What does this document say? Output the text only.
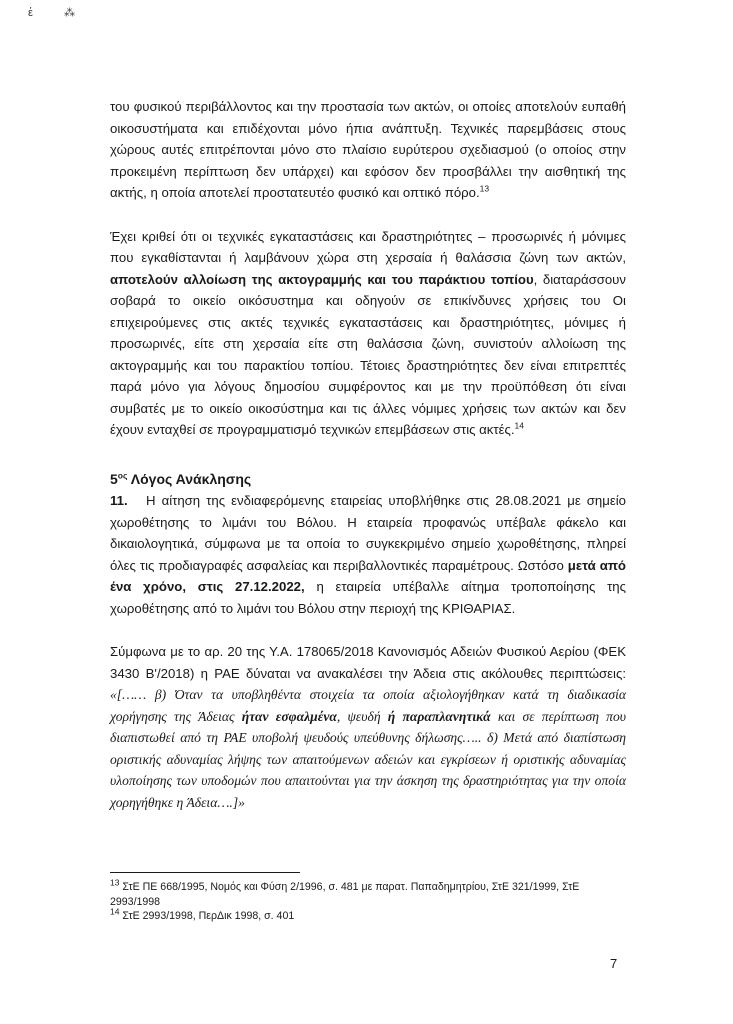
ἑ ⁂

του φυσικού περιβάλλοντος και την προστασία των ακτών, οι οποίες αποτελούν ευπαθή οικοσυστήματα και επιδέχονται μόνο ήπια ανάπτυξη. Τεχνικές παρεμβάσεις στους χώρους αυτές επιτρέπονται μόνο στο πλαίσιο ευρύτερου σχεδιασμού (ο οποίος στην προκειμένη περίπτωση δεν υπάρχει) και εφόσον δεν προσβάλλει την αισθητική της ακτής, η οποία αποτελεί προστατευτέο φυσικό και οπτικό πόρο.$^{13}$

Έχει κριθεί ότι οι τεχνικές εγκαταστάσεις και δραστηριότητες – προσωρινές ή μόνιμες που εγκαθίστανται ή λαμβάνουν χώρα στη χερσαία ή θαλάσσια ζώνη των ακτών, αποτελούν αλλοίωση της ακτογραμμής και του παράκτιου τοπίου, διαταράσσουν σοβαρά το οικείο οικόσυστημα και οδηγούν σε επικίνδυνες χρήσεις του Οι επιχειρούμενες στις ακτές τεχνικές εγκαταστάσεις και δραστηριότητες, μόνιμες ή προσωρινές, είτε στη χερσαία είτε στη θαλάσσια ζώνη, συνιστούν αλλοίωση της ακτογραμμής και του παρακτίου τοπίου. Τέτοιες δραστηριότητες δεν είναι επιτρεπτές παρά μόνο για λόγους δημοσίου συμφέροντος και με την προϋπόθεση ότι είναι συμβατές με το οικείο οικοσύστημα και τις άλλες νόμιμες χρήσεις των ακτών και δεν έχουν ενταχθεί σε προγραμματισμό τεχνικών επεμβάσεων στις ακτές.$^{14}$

$5^{o\varsigma}$ Λόγος Ανάκλησης

11. Η αίτηση της ενδιαφερόμενης εταιρείας υποβλήθηκε στις 28.08.2021 με σημείο χωροθέτησης το λιμάνι του Βόλου. Η εταιρεία προφανώς υπέβαλε φάκελο και δικαιολογητικά, σύμφωνα με τα οποία το συγκεκριμένο σημείο χωροθέτησης, πληρεί όλες τις προδιαγραφές ασφαλείας και περιβαλλοντικές παραμέτρους. Ωστόσο μετά από ένα χρόνο, στις 27.12.2022, η εταιρεία υπέβαλλε αίτημα τροποποίησης της χωροθέτησης από το λιμάνι του Βόλου στην περιοχή της ΚΡΙΘΑΡΙΑΣ.

Σύμφωνα με το αρ. 20 της Υ.Α. 178065/2018 Κανονισμός Αδειών Φυσικού Αερίου (ΦΕΚ 3430 Β'/2018) η ΡΑΕ δύναται να ανακαλέσει την Άδεια στις ακόλουθες περιπτώσεις: «[…… β) Όταν τα υποβληθέντα στοιχεία τα οποία αξιολογήθηκαν κατά τη διαδικασία χορήγησης της Άδειας ήταν εσφαλμένα, ψευδή ή παραπλανητικά και σε περίπτωση που διαπιστωθεί από τη ΡΑΕ υποβολή ψευδούς υπεύθυνης δήλωσης….. δ) Μετά από διαπίστωση οριστικής αδυναμίας λήψης των απαιτούμενων αδειών και εγκρίσεων ή οριστικής αδυναμίας υλοποίησης των υποδομών που απαιτούνται για την άσκηση της δραστηριότητας για την οποία χορηγήθηκε η Άδεια….]»

$^{13}$ ΣτΕ ΠΕ 668/1995, Νομός και Φύση 2/1996, σ. 481 με παρατ. Παπαδημητρίου, ΣτΕ 321/1999, ΣτΕ 2993/1998
$^{14}$ ΣτΕ 2993/1998, ΠερΔικ 1998, σ. 401
7
